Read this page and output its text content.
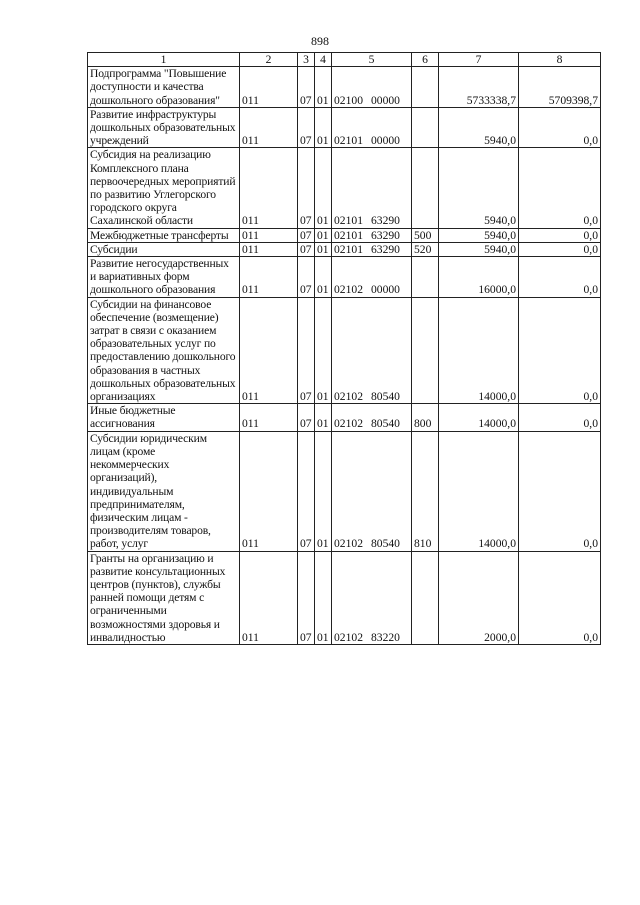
898
1	2	3	4	5	6	7	8
Подпрограмма "Повышение доступности и качества дошкольного образования"	011	07	01	02100 00000		5733338,7	5709398,7
Развитие инфраструктуры дошкольных образовательных учреждений	011	07	01	02101 00000		5940,0	0,0
Субсидия на реализацию Комплексного плана первоочередных мероприятий по развитию Углегорского городского округа Сахалинской области	011	07	01	02101 63290		5940,0	0,0
Межбюджетные трансферты	011	07	01	02101 63290	500	5940,0	0,0
Субсидии	011	07	01	02101 63290	520	5940,0	0,0
Развитие негосударственных и вариативных форм дошкольного образования	011	07	01	02102 00000		16000,0	0,0
Субсидии на финансовое обеспечение (возмещение) затрат в связи с оказанием образовательных услуг по предоставлению дошкольного образования в частных дошкольных образовательных организациях	011	07	01	02102 80540		14000,0	0,0
Иные бюджетные ассигнования	011	07	01	02102 80540	800	14000,0	0,0
Субсидии юридическим лицам (кроме некоммерческих организаций), индивидуальным предпринимателям, физическим лицам - производителям товаров, работ, услуг	011	07	01	02102 80540	810	14000,0	0,0
Гранты на организацию и развитие консультационных центров (пунктов), службы ранней помощи детям с ограниченными возможностями здоровья и инвалидностью	011	07	01	02102 83220		2000,0	0,0
